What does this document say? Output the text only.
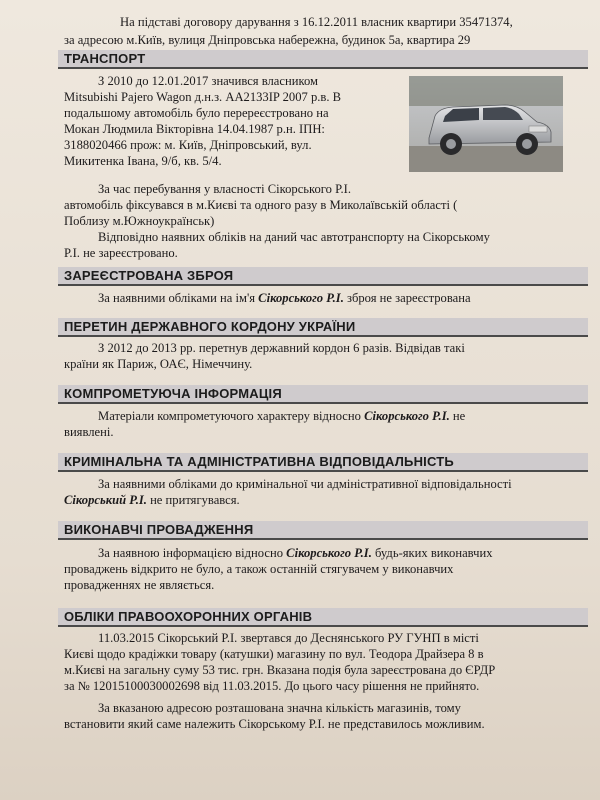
На підставі договору дарування з 16.12.2011 власник квартири 35471374,

за адресою м.Київ, вулиця Дніпровська набережна, будинок 5а, квартира 29

ТРАНСПОРТ

З 2010 до 12.01.2017 значився власником

Mitsubishi Pajero Wagon д.н.з. AA2133IP 2007 р.в. В

подальшому автомобіль було перереєстровано на

Мокан Людмила Вікторівна 14.04.1987 р.н. ІПН:

3188020466 прож: м. Київ, Дніпровський, вул.

Микитенка Івана, 9/б, кв. 5/4.

За час перебування у власності Сікорського Р.І.

автомобіль фіксувався в м.Києві та одного разу в Миколаївській області (

Поблизу м.Южноукраїнськ)

Відповідно наявних обліків на даний час автотранспорту на Сікорському

Р.І. не зареєстровано.

ЗАРЕЄСТРОВАНА ЗБРОЯ

За наявними обліками на ім'я Сікорського Р.І. зброя не зареєстрована

ПЕРЕТИН ДЕРЖАВНОГО КОРДОНУ УКРАЇНИ

З 2012 до 2013 рр. перетнув державний кордон 6 разів. Відвідав такі

країни як Париж, ОАЄ, Німеччину.

КОМПРОМЕТУЮЧА ІНФОРМАЦІЯ

Матеріали компрометуючого характеру відносно Сікорського Р.І. не

виявлені.

КРИМІНАЛЬНА ТА АДМІНІСТРАТИВНА ВІДПОВІДАЛЬНІСТЬ

За наявними обліками до кримінальної чи адміністративної відповідальності

Сікорський Р.І. не притягувався.

ВИКОНАВЧІ ПРОВАДЖЕННЯ

За наявною інформацією відносно Сікорського Р.І. будь-яких виконавчих

проваджень відкрито не було, а також останній стягувачем у виконавчих

провадженнях не являється.

ОБЛІКИ ПРАВООХОРОННИХ ОРГАНІВ

11.03.2015 Сікорський Р.І. звертався до Деснянського РУ ГУНП в місті

Києві щодо крадіжки товару (катушки) магазину по вул. Теодора Драйзера 8 в

м.Києві на загальну суму 53 тис. грн. Вказана подія була зареєстрована до ЄРДР

за № 12015100030002698 від 11.03.2015. До цього часу рішення не прийнято.

За вказаною адресою розташована значна кількість магазинів, тому

встановити який саме належить Сікорському Р.І. не представилось можливим.
